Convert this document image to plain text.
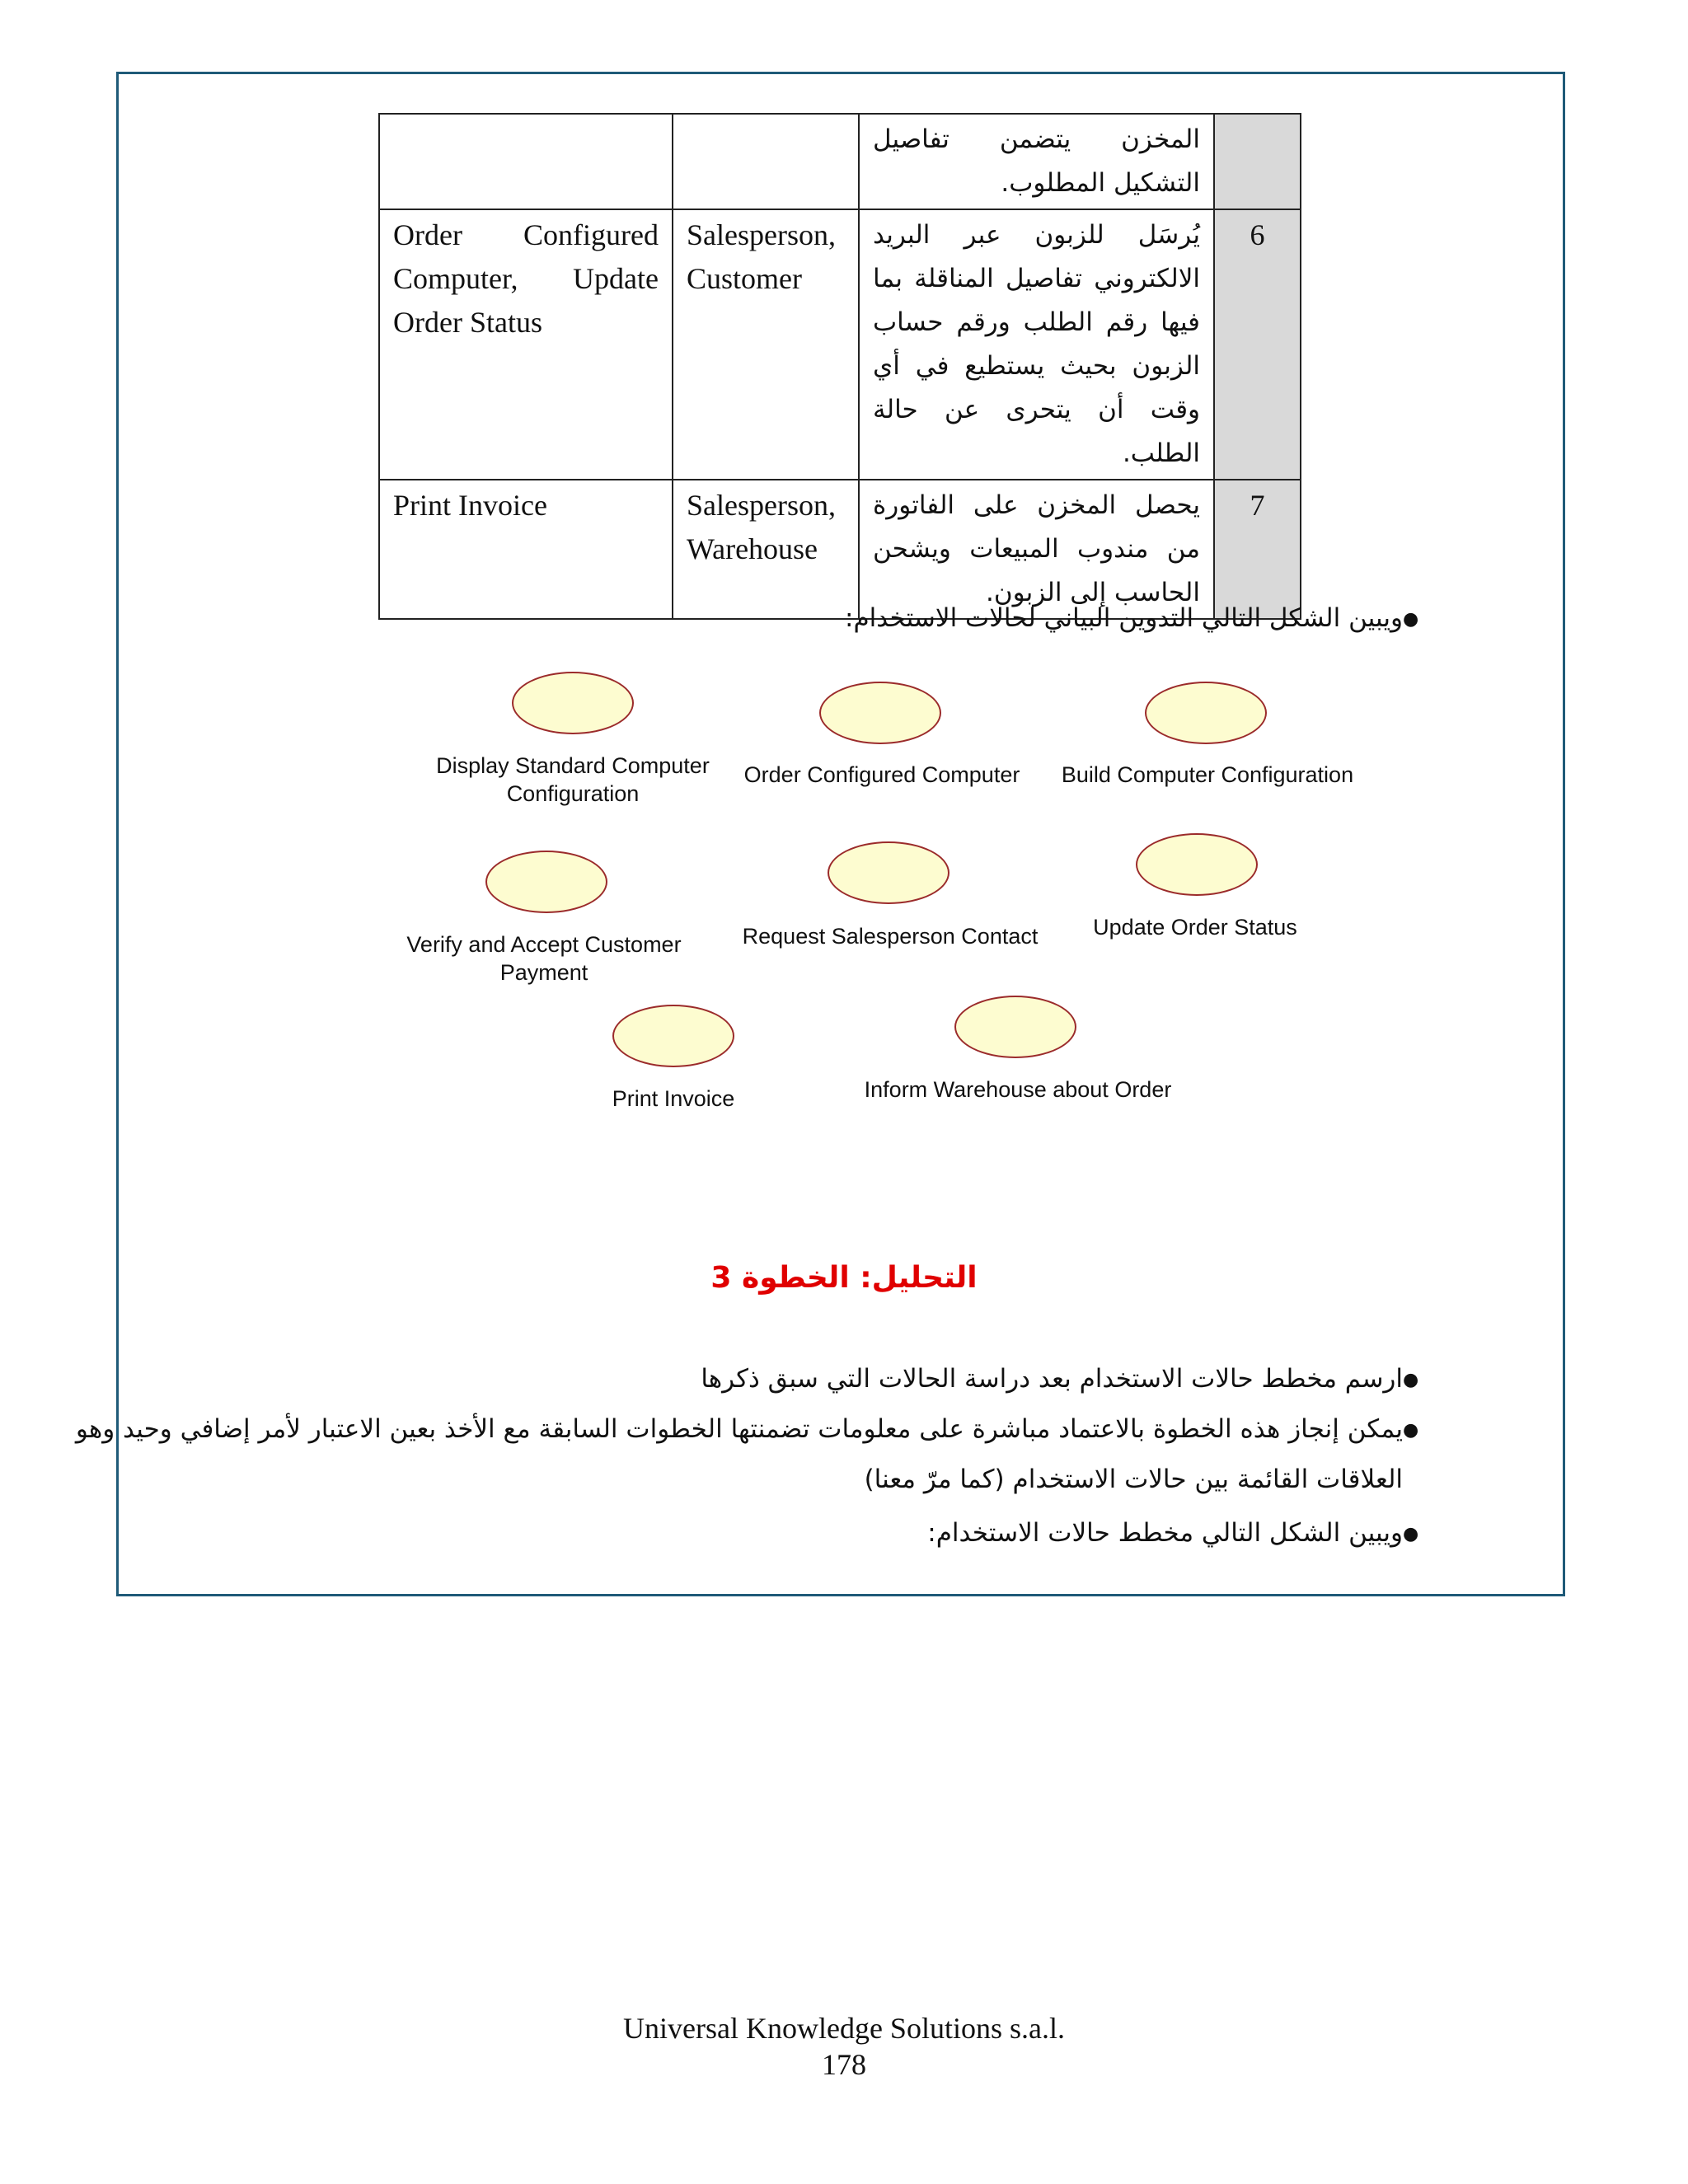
		المخزن يتضمن تفاصيل التشكيل المطلوب.	
Order Configured Computer, Update Order Status	Salesperson, Customer	يُرسَل للزبون عبر البريد الالكتروني تفاصيل المناقلة بما فيها رقم الطلب ورقم حساب الزبون بحيث يستطيع في أي وقت أن يتحرى عن حالة الطلب.	6
Print Invoice	Salesperson, Warehouse	يحصل المخزن على الفاتورة من مندوب المبيعات ويشحن الحاسب إلى الزبون.	7
● ويبين الشكل التالي التدوين البياني لحالات الاستخدام:
Display Standard Computer Configuration
Order Configured Computer	Build Computer Configuration
Verify and Accept Customer Payment
Request Salesperson Contact	Update Order Status
Print Invoice	Inform Warehouse about Order
التحليل: الخطوة 3
● ارسم مخطط حالات الاستخدام بعد دراسة الحالات التي سبق ذكرها
● يمكن إنجاز هذه الخطوة بالاعتماد مباشرة على معلومات تضمنتها الخطوات السابقة مع الأخذ بعين الاعتبار لأمر إضافي وحيد وهو
العلاقات القائمة بين حالات الاستخدام (كما مرّ معنا)
● ويبين الشكل التالي مخطط حالات الاستخدام:
Universal Knowledge Solutions s.a.l.
178
